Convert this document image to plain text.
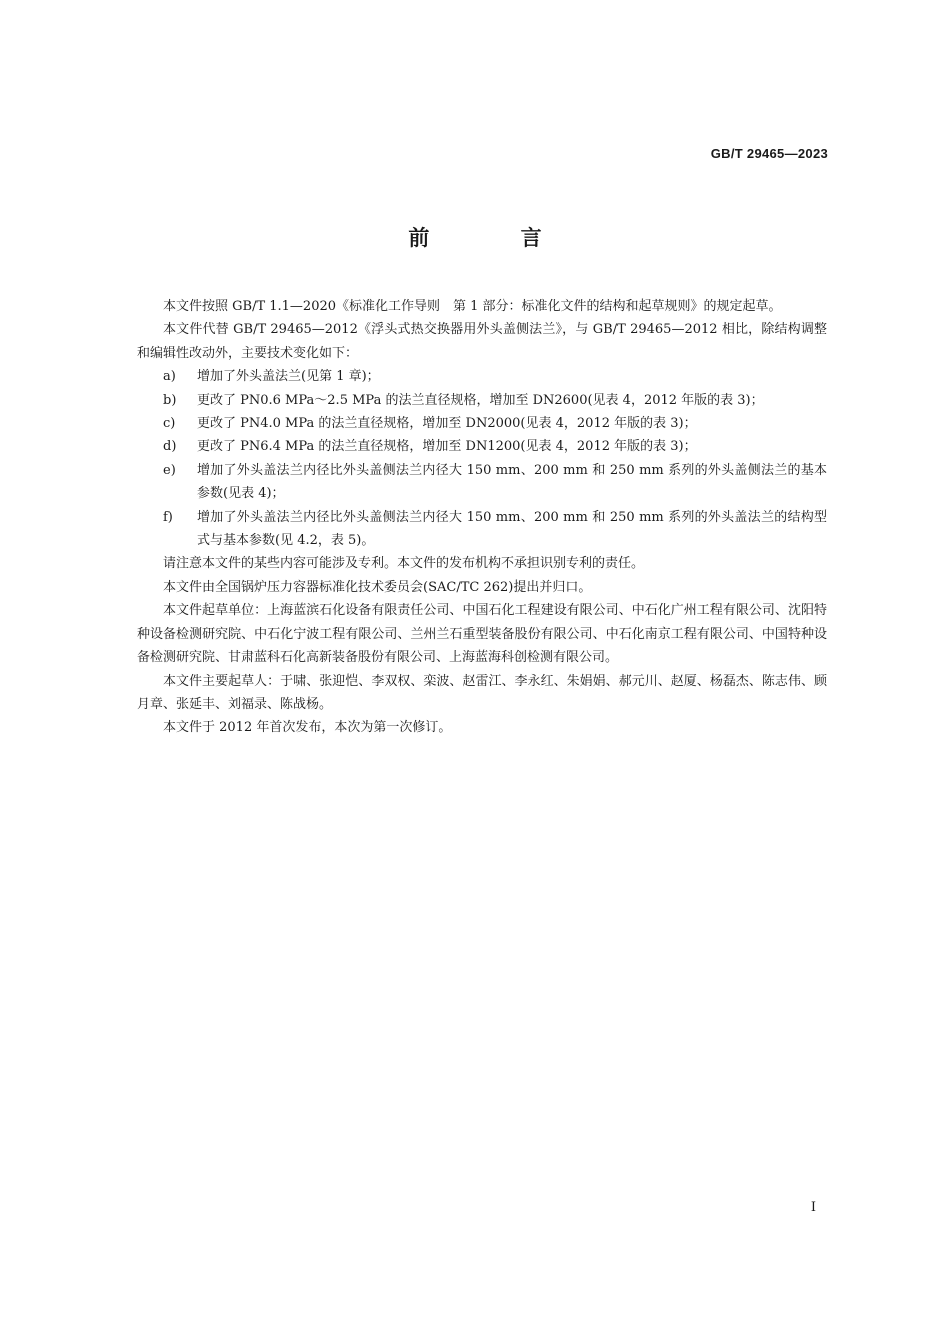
GB/T 29465—2023
前 言

本文件按照 GB/T 1.1—2020《标准化工作导则　第 1 部分：标准化文件的结构和起草规则》的规定起草。

本文件代替 GB/T 29465—2012《浮头式热交换器用外头盖侧法兰》，与 GB/T 29465—2012 相比，除结构调整和编辑性改动外，主要技术变化如下：

a)	增加了外头盖法兰(见第 1 章)；
b)	更改了 PN0.6 MPa～2.5 MPa 的法兰直径规格，增加至 DN2600(见表 4，2012 年版的表 3)；
c)	更改了 PN4.0 MPa 的法兰直径规格，增加至 DN2000(见表 4，2012 年版的表 3)；
d)	更改了 PN6.4 MPa 的法兰直径规格，增加至 DN1200(见表 4，2012 年版的表 3)；
e)	增加了外头盖法兰内径比外头盖侧法兰内径大 150 mm、200 mm 和 250 mm 系列的外头盖侧法兰的基本参数(见表 4)；
f)	增加了外头盖法兰内径比外头盖侧法兰内径大 150 mm、200 mm 和 250 mm 系列的外头盖法兰的结构型式与基本参数(见 4.2，表 5)。

请注意本文件的某些内容可能涉及专利。本文件的发布机构不承担识别专利的责任。

本文件由全国锅炉压力容器标准化技术委员会(SAC/TC 262)提出并归口。

本文件起草单位：上海蓝滨石化设备有限责任公司、中国石化工程建设有限公司、中石化广州工程有限公司、沈阳特种设备检测研究院、中石化宁波工程有限公司、兰州兰石重型装备股份有限公司、中石化南京工程有限公司、中国特种设备检测研究院、甘肃蓝科石化高新装备股份有限公司、上海蓝海科创检测有限公司。

本文件主要起草人：于啸、张迎恺、李双权、栾波、赵雷江、李永红、朱娟娟、郝元川、赵厦、杨磊杰、陈志伟、顾月章、张延丰、刘福录、陈战杨。

本文件于 2012 年首次发布，本次为第一次修订。

I
